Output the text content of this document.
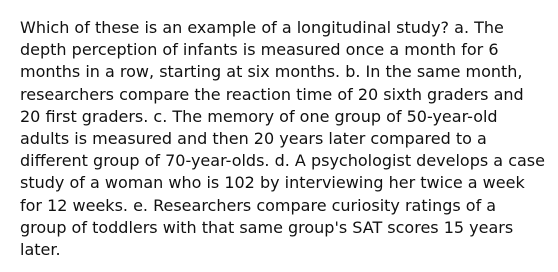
Which of these is an example of a longitudinal study? a. The depth perception of infants is measured once a month for 6 months in a row, starting at six months. b. In the same month, researchers compare the reaction time of 20 sixth graders and 20 first graders. c. The memory of one group of 50-year-old adults is measured and then 20 years later compared to a different group of 70-year-olds. d. A psychologist develops a case study of a woman who is 102 by interviewing her twice a week for 12 weeks. e. Researchers compare curiosity ratings of a group of toddlers with that same group's SAT scores 15 years later.
